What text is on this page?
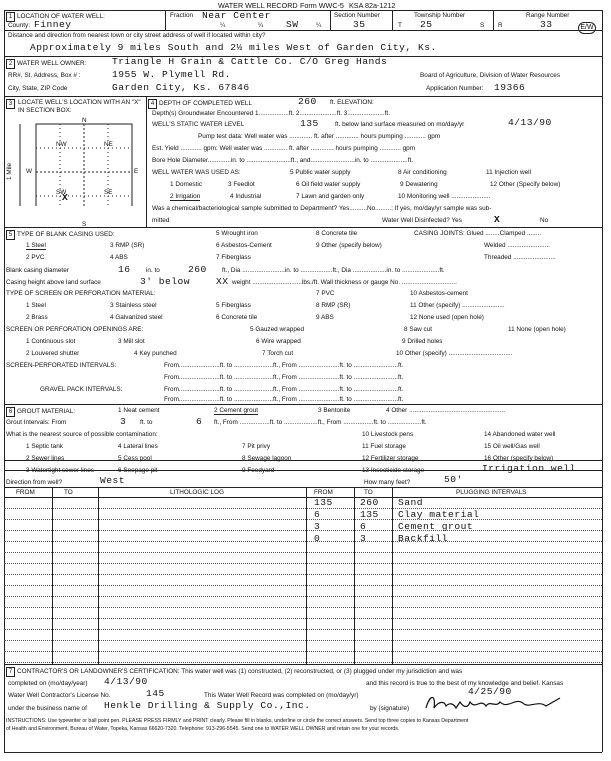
WATER WELL RECORD Form WWC-5 KSA 82a-1212
1 LOCATION OF WATER WELL:
County: Finney
Fraction Near Center
¼	¼ SW	¼
Section Number
35
Township Number
T 25	S
Range Number
R	33	E/W
Distance and direction from nearest town or city street address of well if located within city?
Approximately 9 miles South and 2½ miles West of Garden City, Ks.
2 WATER WELL OWNER:	Triangle H Grain & Cattle Co. C/O Greg Hands
RR#, St. Address, Box # :	1955 W. Plymell Rd.	Board of Agriculture, Division of Water Resources
City, State, ZIP Code	Garden City, Ks. 67846	Application Number: 19366
3 LOCATE WELL'S LOCATION WITH AN "X" IN SECTION BOX:
N
S
E
W
NW	NE
SW	SE
X
1 Mile
4 DEPTH OF COMPLETED WELL	260 ft. ELEVATION:
Depth(s) Groundwater Encountered 1.................ft. 2.....................ft. 3.....................ft.
WELL'S STATIC WATER LEVEL	135	ft. below land surface measured on mo/day/yr	4/13/90
Pump test data: Well water was ............. ft. after ............. hours pumping ............ gpm
Est. Yield ............ gpm: Well water was ............. ft. after ............. hours pumping ............ gpm
Bore Hole Diameter.............in. to .........................ft., and.........................in. to .....................ft.
WELL WATER WAS USED AS:	5 Public water supply	8 Air conditioning	11 Injection well
1 Domestic	3 Feedlot	6 Oil field water supply	9 Dewatering	12 Other (Specify below)
2 Irrigation	4 Industrial	7 Lawn and garden only	10 Monitoring well ......................
Was a chemical/bacteriological sample submitted to Department? Yes..........No.........; If yes, mo/day/yr sample was sub-
mitted	Water Well Disinfected? Yes	X	No
5 TYPE OF BLANK CASING USED:	5 Wrought iron	8 Concrete tile	CASING JOINTS: Glued ........Clamped ........
1 Steel	3 RMP (SR)	6 Asbestos-Cement	9 Other (specify below)	Welded ........................
2 PVC	4 ABS	7 Fiberglass	Threaded ........................
Blank casing diameter	16 in. to	260 ft., Dia ........................in. to ..................ft., Dia ...................in. to .....................ft.
Casing height above land surface	3' below	XX weight ............................lbs./ft. Wall thickness or gauge No. ...............................
TYPE OF SCREEN OR PERFORATION MATERIAL:	7 PVC	10 Asbestos-cement
1 Steel	3 Stainless steel	5 Fiberglass	8 RMP (SR)	11 Other (specify) ........................
2 Brass	4 Galvanized steel	6 Concrete tile	9 ABS	12 None used (open hole)
SCREEN OR PERFORATION OPENINGS ARE:	5 Gauzed wrapped	8 Saw cut	11 None (open hole)
1 Continuous slot	3 Mill slot	6 Wire wrapped	9 Drilled holes
2 Louvered shutter	4 Key punched	7 Torch cut	10 Other (specify) ....................................
SCREEN-PERFORATED INTERVALS:	From.......................ft. to ......................ft., From .......................ft. to .........................ft.
From.......................ft. to ......................ft., From .......................ft. to .........................ft.
GRAVEL PACK INTERVALS:	From.......................ft. to ......................ft., From .......................ft. to .........................ft.
From.......................ft. to ......................ft., From .......................ft. to .........................ft.
6 GROUT MATERIAL:	1 Neat cement	2 Cement grout	3 Bentonite	4 Other ......................................................
Grout Intervals: From	3 ft. to	6 ft., From .................ft. to ...................ft., From .................ft. to ...................ft.
What is the nearest source of possible contamination:	10 Livestock pens	14 Abandoned water well
1 Septic tank	4 Lateral lines	7 Pit privy	11 Fuel storage	15 Oil well/Gas well
2 Sewer lines	5 Cess pool	8 Sewage lagoon	12 Fertilizer storage	16 Other (specify below)
3 Watertight sewer lines	6 Seepage pit	9 Feedyard	13 Insecticide storage	Irrigation well
Direction from well?	West	How many feet?	50'
FROM	TO	LITHOLOGIC LOG	FROM	TO	PLUGGING INTERVALS
135	260 Sand
6	135 Clay material
3	6	Cement grout
0	3	Backfill
7 CONTRACTOR'S OR LANDOWNER'S CERTIFICATION: This water well was (1) constructed, (2) reconstructed, or (3) plugged under my jurisdiction and was
completed on (mo/day/year) 4/13/90	and this record is true to the best of my knowledge and belief. Kansas
Water Well Contractor's License No.	145	This Water Well Record was completed on (mo/day/yr)	4/25/90
under the business name of Henkle Drilling & Supply Co.,Inc.	by (signature)
INSTRUCTIONS: Use typewriter or ball point pen. PLEASE PRESS FIRMLY and PRINT clearly. Please fill in blanks, underline or circle the correct answers. Send top three copies to Kansas Department
of Health and Environment, Bureau of Water, Topeka, Kansas 66620-7320. Telephone: 913-296-5545. Send one to WATER WELL OWNER and retain one for your records.
